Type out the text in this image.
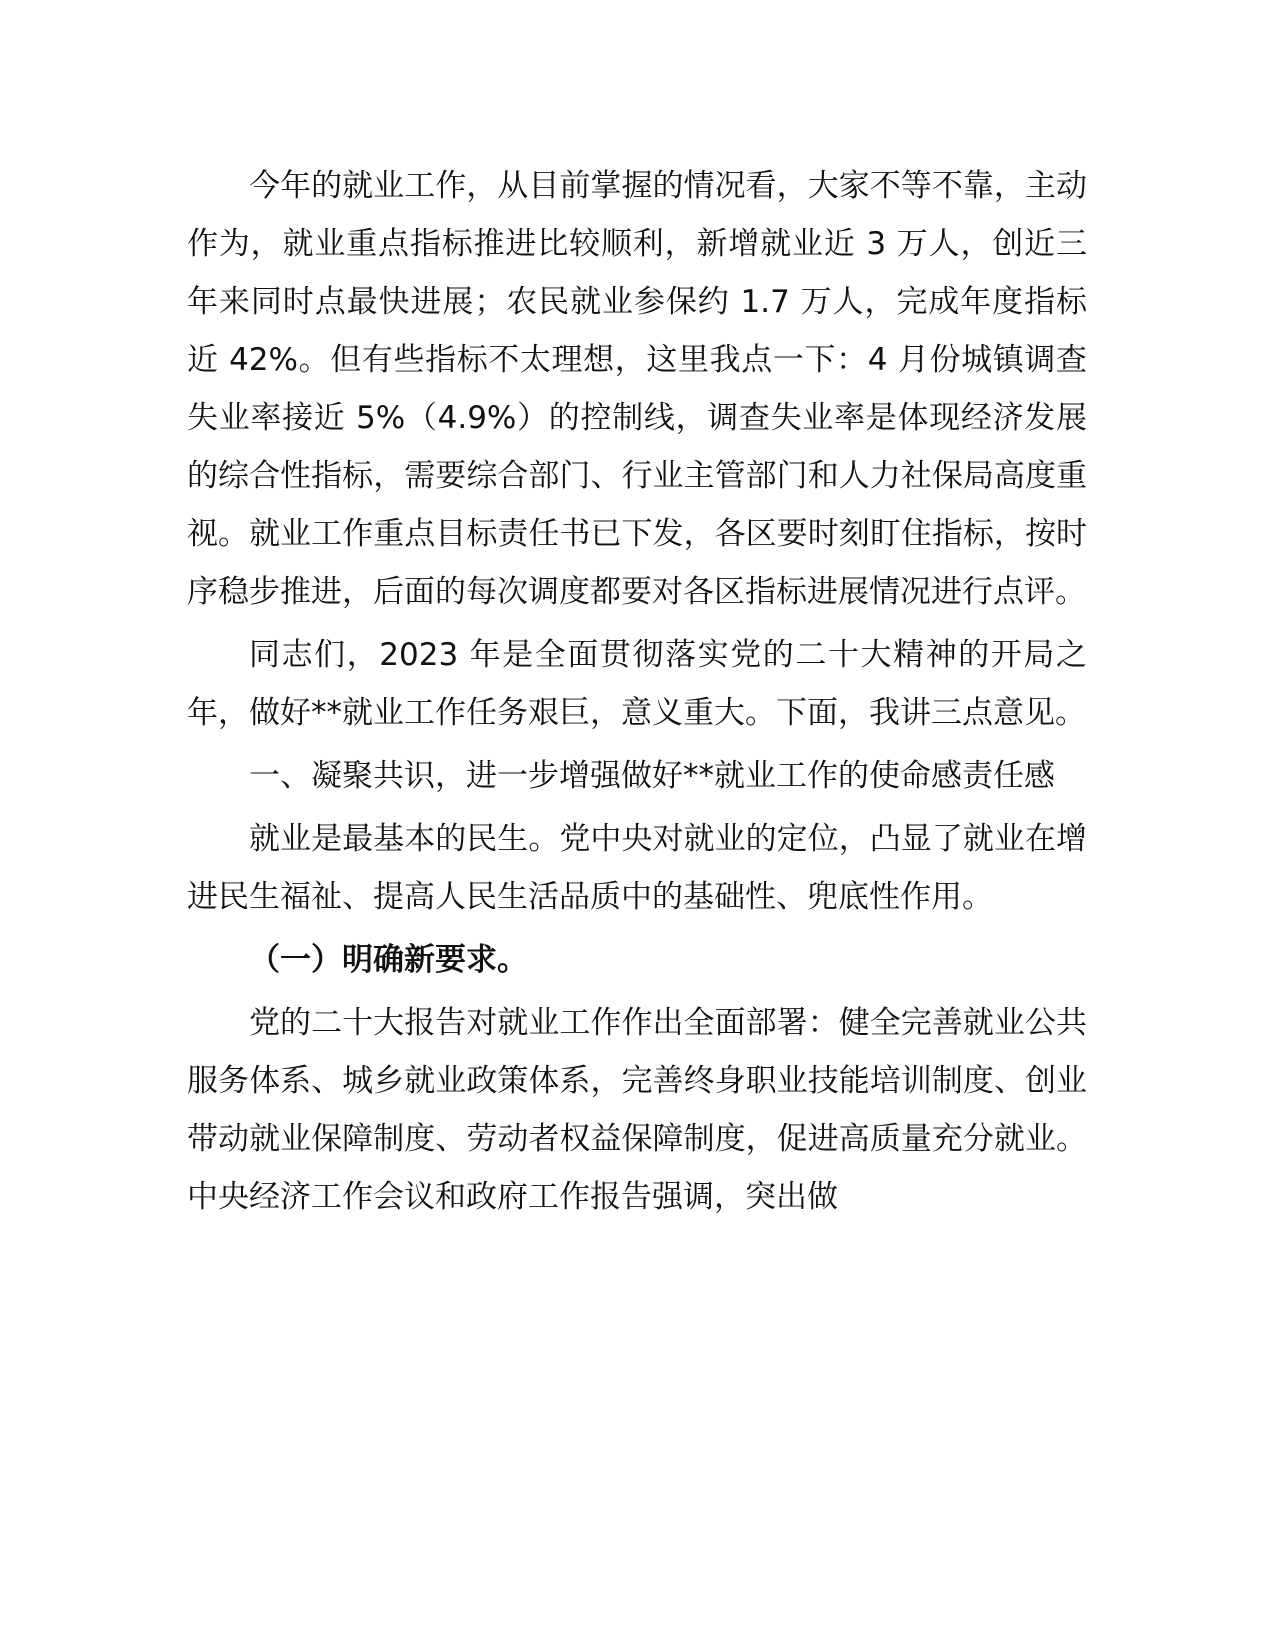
今年的就业工作，从目前掌握的情况看，大家不等不靠，主动作为，就业重点指标推进比较顺利，新增就业近 3 万人，创近三年来同时点最快进展；农民就业参保约 1.7 万人，完成年度指标近 42%。但有些指标不太理想，这里我点一下：4 月份城镇调查失业率接近 5%（4.9%）的控制线，调查失业率是体现经济发展的综合性指标，需要综合部门、行业主管部门和人力社保局高度重视。就业工作重点目标责任书已下发，各区要时刻盯住指标，按时序稳步推进，后面的每次调度都要对各区指标进展情况进行点评。

同志们，2023 年是全面贯彻落实党的二十大精神的开局之年，做好**就业工作任务艰巨，意义重大。下面，我讲三点意见。

一、凝聚共识，进一步增强做好**就业工作的使命感责任感

就业是最基本的民生。党中央对就业的定位，凸显了就业在增进民生福祉、提高人民生活品质中的基础性、兜底性作用。

（一）明确新要求。

党的二十大报告对就业工作作出全面部署：健全完善就业公共服务体系、城乡就业政策体系，完善终身职业技能培训制度、创业带动就业保障制度、劳动者权益保障制度，促进高质量充分就业。中央经济工作会议和政府工作报告强调，突出做
